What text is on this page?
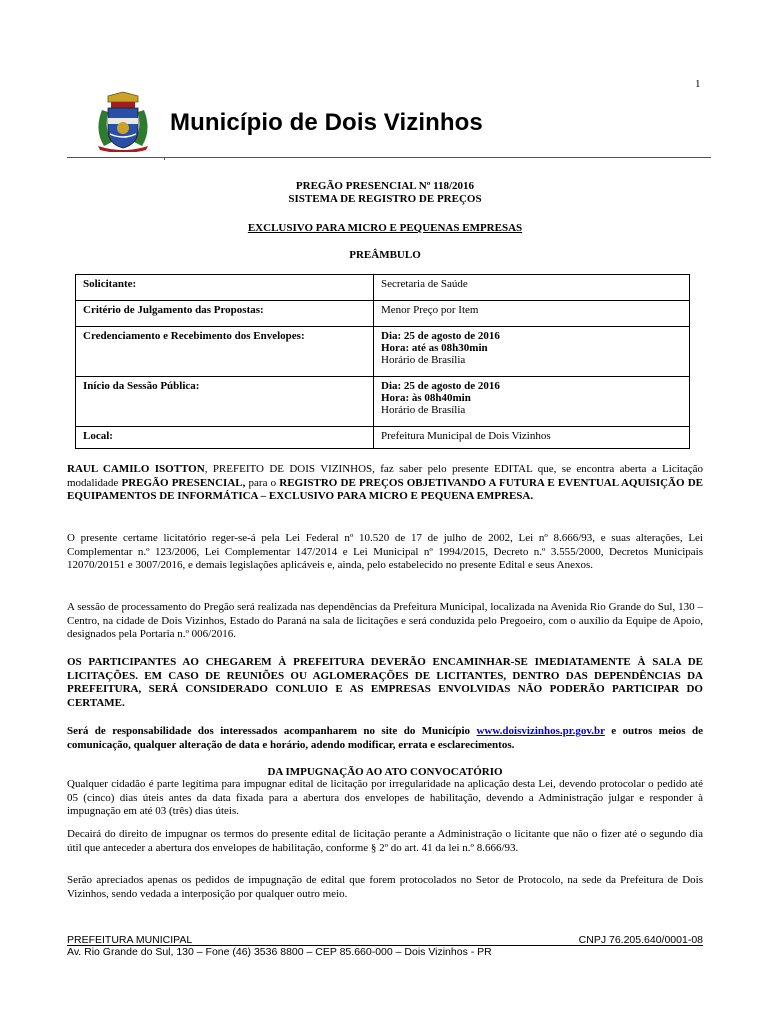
1
Município de Dois Vizinhos
PREGÃO PRESENCIAL Nº 118/2016
SISTEMA DE REGISTRO DE PREÇOS
EXCLUSIVO PARA MICRO E PEQUENAS EMPRESAS
PREÂMBULO
Solicitante:	Secretaria de Saúde

Critério de Julgamento das Propostas:	Menor Preço por Item

Credenciamento e Recebimento dos Envelopes:	Dia: 25 de agosto de 2016
Hora: até as 08h30min
Horário de Brasília

Início da Sessão Pública:	Dia: 25 de agosto de 2016
Hora: às 08h40min
Horário de Brasília

Local:	Prefeitura Municipal de Dois Vizinhos
RAUL CAMILO ISOTTON, PREFEITO DE DOIS VIZINHOS, faz saber pelo presente EDITAL que, se encontra aberta a Licitação modalidade PREGÃO PRESENCIAL, para o REGISTRO DE PREÇOS OBJETIVANDO A FUTURA E EVENTUAL AQUISIÇÃO DE EQUIPAMENTOS DE INFORMÁTICA – EXCLUSIVO PARA MICRO E PEQUENA EMPRESA.
O presente certame licitatório reger-se-á pela Lei Federal nº 10.520 de 17 de julho de 2002, Lei nº 8.666/93, e suas alterações, Lei Complementar n.º 123/2006, Lei Complementar 147/2014 e Lei Municipal nº 1994/2015, Decreto n.º 3.555/2000, Decretos Municipais 12070/20151 e 3007/2016, e demais legislações aplicáveis e, ainda, pelo estabelecido no presente Edital e seus Anexos.
A sessão de processamento do Pregão será realizada nas dependências da Prefeitura Municipal, localizada na Avenida Rio Grande do Sul, 130 – Centro, na cidade de Dois Vizinhos, Estado do Paraná na sala de licitações e será conduzida pelo Pregoeiro, com o auxílio da Equipe de Apoio, designados pela Portaria n.º 006/2016.
OS PARTICIPANTES AO CHEGAREM À PREFEITURA DEVERÃO ENCAMINHAR-SE IMEDIATAMENTE À SALA DE LICITAÇÕES. EM CASO DE REUNIÕES OU AGLOMERAÇÕES DE LICITANTES, DENTRO DAS DEPENDÊNCIAS DA PREFEITURA, SERÁ CONSIDERADO CONLUIO E AS EMPRESAS ENVOLVIDAS NÃO PODERÃO PARTICIPAR DO CERTAME.
Será de responsabilidade dos interessados acompanharem no site do Município www.doisvizinhos.pr.gov.br e outros meios de comunicação, qualquer alteração de data e horário, adendo modificar, errata e esclarecimentos.
DA IMPUGNAÇÃO AO ATO CONVOCATÓRIO
Qualquer cidadão é parte legítima para impugnar edital de licitação por irregularidade na aplicação desta Lei, devendo protocolar o pedido até 05 (cinco) dias úteis antes da data fixada para a abertura dos envelopes de habilitação, devendo a Administração julgar e responder à impugnação em até 03 (três) dias úteis.
Decairá do direito de impugnar os termos do presente edital de licitação perante a Administração o licitante que não o fizer até o segundo dia útil que anteceder a abertura dos envelopes de habilitação, conforme § 2º do art. 41 da lei n.º 8.666/93.
Serão apreciados apenas os pedidos de impugnação de edital que forem protocolados no Setor de Protocolo, na sede da Prefeitura de Dois Vizinhos, sendo vedada a interposição por qualquer outro meio.
PREFEITURA MUNICIPAL	CNPJ 76.205.640/0001-08
Av. Rio Grande do Sul, 130 – Fone (46) 3536 8800 – CEP 85.660-000 – Dois Vizinhos - PR
